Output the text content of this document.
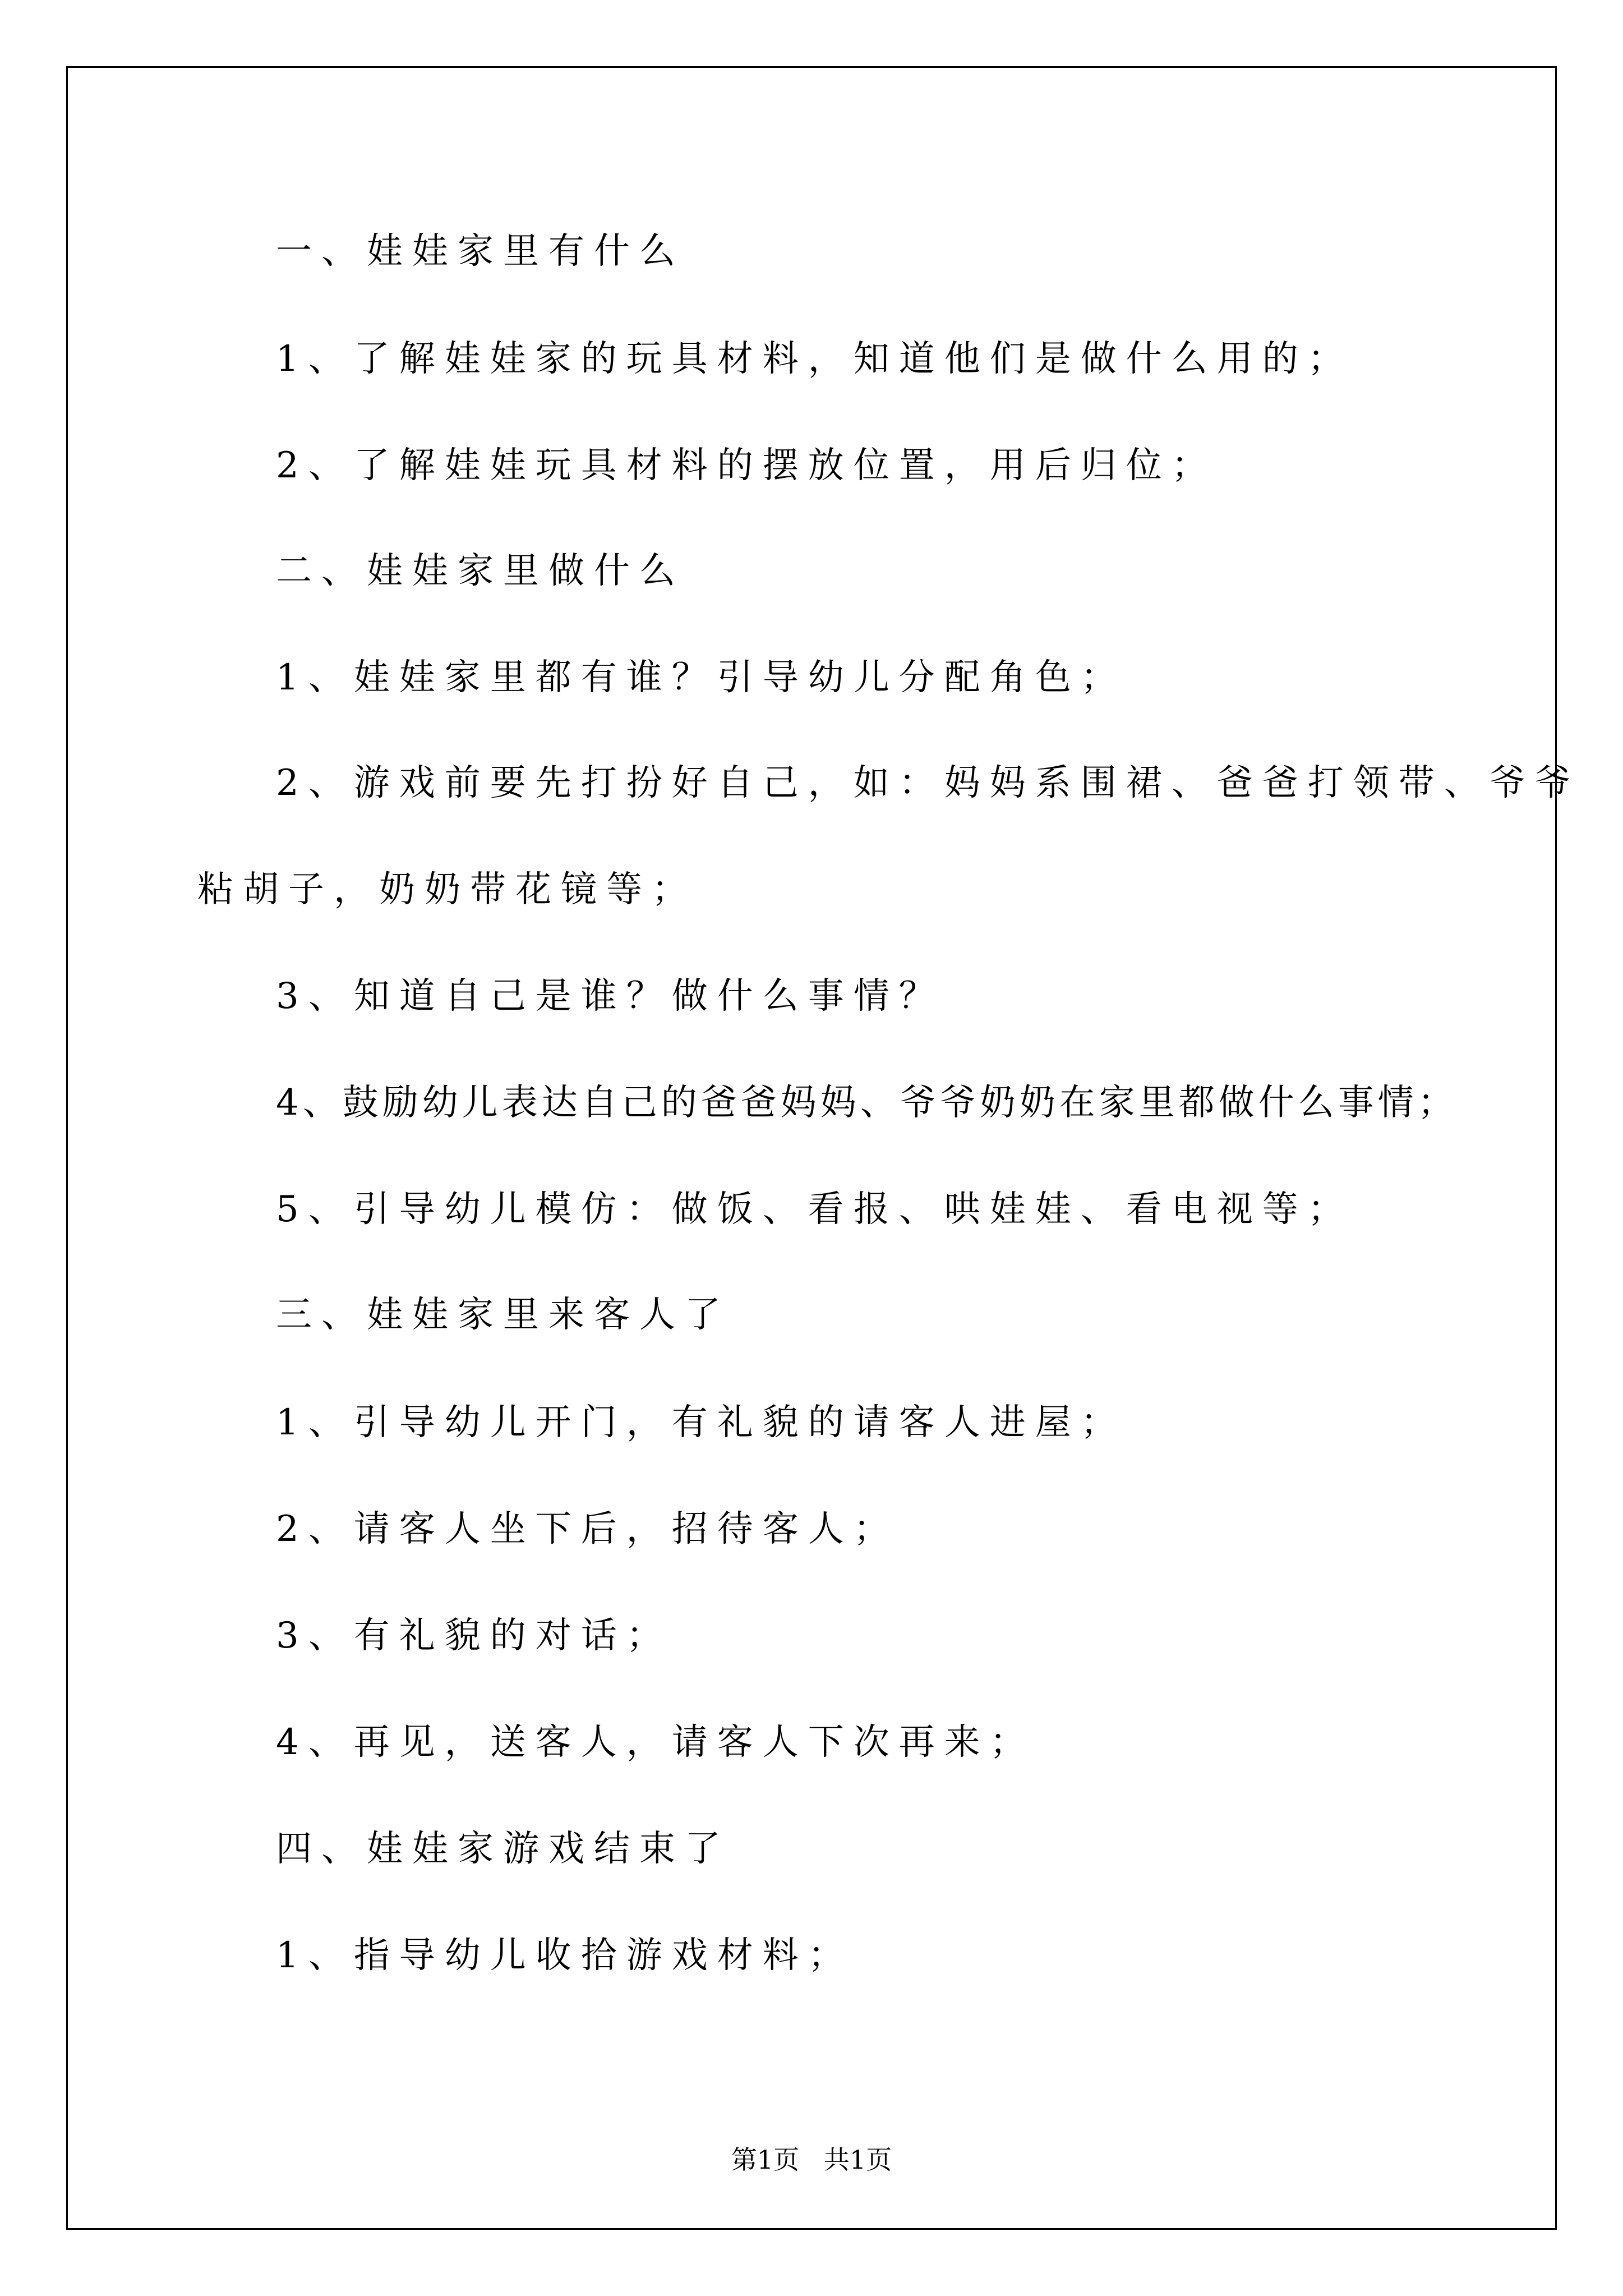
一、娃娃家里有什么

1、了解娃娃家的玩具材料，知道他们是做什么用的；

2、了解娃娃玩具材料的摆放位置，用后归位；

二、娃娃家里做什么

1、娃娃家里都有谁？引导幼儿分配角色；

2、游戏前要先打扮好自己，如：妈妈系围裙、爸爸打领带、爷爷

粘胡子，奶奶带花镜等；

3、知道自己是谁？做什么事情？

4、鼓励幼儿表达自己的爸爸妈妈、爷爷奶奶在家里都做什么事情；

5、引导幼儿模仿：做饭、看报、哄娃娃、看电视等；

三、娃娃家里来客人了

1、引导幼儿开门，有礼貌的请客人进屋；

2、请客人坐下后，招待客人；

3、有礼貌的对话；

4、再见，送客人，请客人下次再来；

四、娃娃家游戏结束了

1、指导幼儿收拾游戏材料；

第1页   共1页
